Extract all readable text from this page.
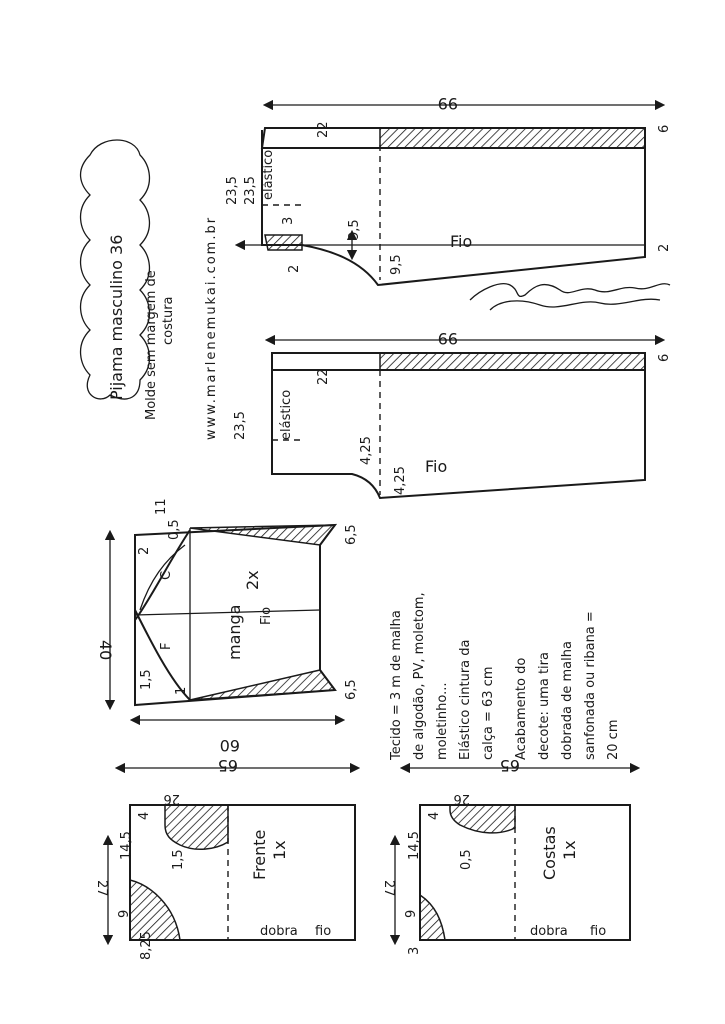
Pijama masculino 36 Molde sem margem de costura www.marlenemukai.com.br
99
22
23,5 23,5 elástico
3	9,5
9,5
6
2
2
Fio
99
22
23,5 elástico
4,25
4,25
6
Fio
40
60
manga
2x
Fio
C
F
2
0,5
11
1,5
1
6,5
6,5 Tecido = 3 m de malha de algodão, PV, moletom, moletinho... Elástico cintura da calça = 63 cm Acabamento do decote: uma tira dobrada de malha sanfonada ou ribana = 20 cm
65
27
26
14,5
4
1,5
9
8,25
Frente 1x
dobra fio
65
27
26
14,5
4
0,5
9
3
Costas 1x
dobra fio
